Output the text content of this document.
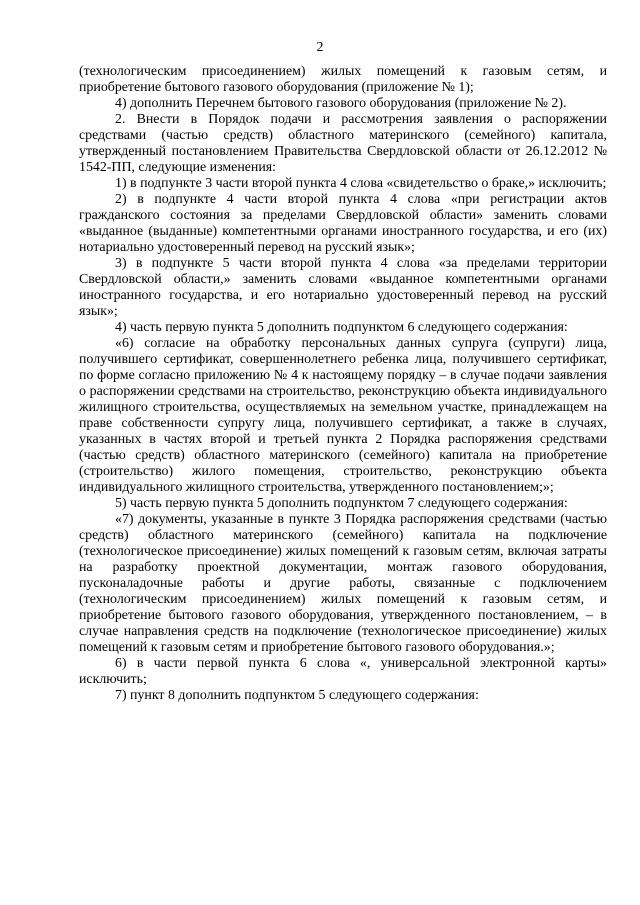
2

(технологическим присоединением) жилых помещений к газовым сетям, и приобретение бытового газового оборудования (приложение № 1);

4) дополнить Перечнем бытового газового оборудования (приложение № 2).

2. Внести в Порядок подачи и рассмотрения заявления о распоряжении средствами (частью средств) областного материнского (семейного) капитала, утвержденный постановлением Правительства Свердловской области от 26.12.2012 № 1542-ПП, следующие изменения:

1) в подпункте 3 части второй пункта 4 слова «свидетельство о браке,» исключить;

2) в подпункте 4 части второй пункта 4 слова «при регистрации актов гражданского состояния за пределами Свердловской области» заменить словами «выданное (выданные) компетентными органами иностранного государства, и его (их) нотариально удостоверенный перевод на русский язык»;

3) в подпункте 5 части второй пункта 4 слова «за пределами территории Свердловской области,» заменить словами «выданное компетентными органами иностранного государства, и его нотариально удостоверенный перевод на русский язык»;

4) часть первую пункта 5 дополнить подпунктом 6 следующего содержания:

«6) согласие на обработку персональных данных супруга (супруги) лица, получившего сертификат, совершеннолетнего ребенка лица, получившего сертификат, по форме согласно приложению № 4 к настоящему порядку – в случае подачи заявления о распоряжении средствами на строительство, реконструкцию объекта индивидуального жилищного строительства, осуществляемых на земельном участке, принадлежащем на праве собственности супругу лица, получившего сертификат, а также в случаях, указанных в частях второй и третьей пункта 2 Порядка распоряжения средствами (частью средств) областного материнского (семейного) капитала на приобретение (строительство) жилого помещения, строительство, реконструкцию объекта индивидуального жилищного строительства, утвержденного постановлением;»;

5) часть первую пункта 5 дополнить подпунктом 7 следующего содержания:

«7) документы, указанные в пункте 3 Порядка распоряжения средствами (частью средств) областного материнского (семейного) капитала на подключение (технологическое присоединение) жилых помещений к газовым сетям, включая затраты на разработку проектной документации, монтаж газового оборудования, пусконаладочные работы и другие работы, связанные с подключением (технологическим присоединением) жилых помещений к газовым сетям, и приобретение бытового газового оборудования, утвержденного постановлением, – в случае направления средств на подключение (технологическое присоединение) жилых помещений к газовым сетям и приобретение бытового газового оборудования.»;

6) в части первой пункта 6 слова «, универсальной электронной карты» исключить;

7) пункт 8 дополнить подпунктом 5 следующего содержания:
